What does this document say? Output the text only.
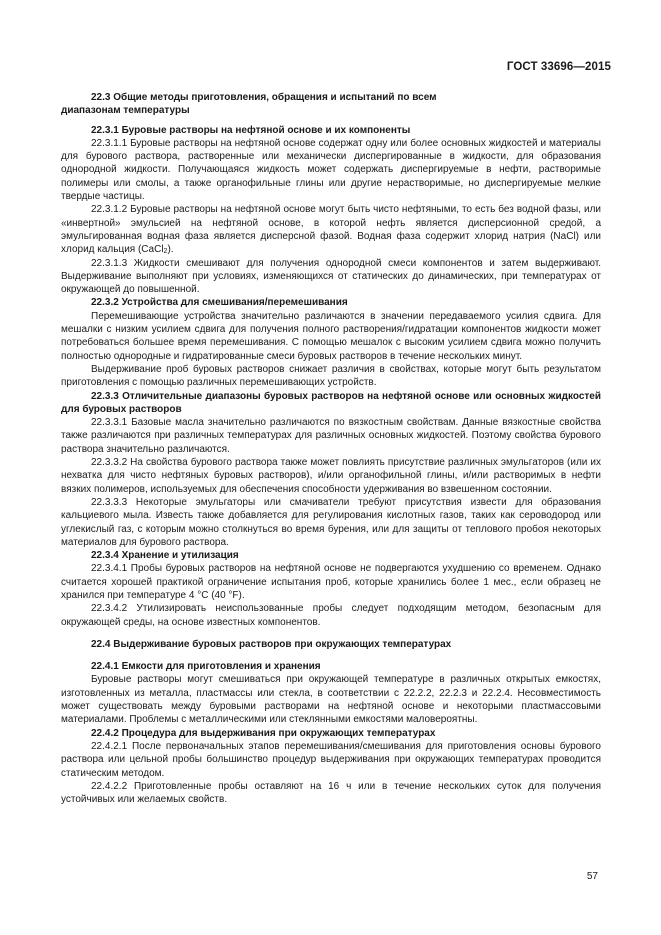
ГОСТ 33696—2015

22.3 Общие методы приготовления, обращения и испытаний по всем
диапазонам температуры

22.3.1 Буровые растворы на нефтяной основе и их компоненты

22.3.1.1 Буровые растворы на нефтяной основе содержат одну или более основных жидкостей и материалы для бурового раствора, растворенные или механически диспергированные в жидкости, для образования однородной жидкости. Получающаяся жидкость может содержать диспергируемые в нефти, растворимые полимеры или смолы, а также органофильные глины или другие нерастворимые, но диспергируемые мелкие твердые частицы.

22.3.1.2 Буровые растворы на нефтяной основе могут быть чисто нефтяными, то есть без водной фазы, или «инвертной» эмульсией на нефтяной основе, в которой нефть является дисперсионной средой, а эмульгированная водная фаза является дисперсной фазой. Водная фаза содержит хлорид натрия (NaCl) или хлорид кальция (CaCl$_2$).

22.3.1.3 Жидкости смешивают для получения однородной смеси компонентов и затем выдерживают. Выдерживание выполняют при условиях, изменяющихся от статических до динамических, при температурах от окружающей до повышенной.

22.3.2 Устройства для смешивания/перемешивания

Перемешивающие устройства значительно различаются в значении передаваемого усилия сдвига. Для мешалки с низким усилием сдвига для получения полного растворения/гидратации компонентов жидкости может потребоваться большее время перемешивания. С помощью мешалок с высоким усилием сдвига можно получить полностью однородные и гидратированные смеси буровых растворов в течение нескольких минут.

Выдерживание проб буровых растворов снижает различия в свойствах, которые могут быть результатом приготовления с помощью различных перемешивающих устройств.

22.3.3 Отличительные диапазоны буровых растворов на нефтяной основе или основных жидкостей для буровых растворов

22.3.3.1 Базовые масла значительно различаются по вязкостным свойствам. Данные вязкостные свойства также различаются при различных температурах для различных основных жидкостей. Поэтому свойства бурового раствора значительно различаются.

22.3.3.2 На свойства бурового раствора также может повлиять присутствие различных эмульгаторов (или их нехватка для чисто нефтяных буровых растворов), и/или органофильной глины, и/или растворимых в нефти вязких полимеров, используемых для обеспечения способности удерживания во взвешенном состоянии.

22.3.3.3 Некоторые эмульгаторы или смачиватели требуют присутствия извести для образования кальциевого мыла. Известь также добавляется для регулирования кислотных газов, таких как сероводород или углекислый газ, с которым можно столкнуться во время бурения, или для защиты от теплового пробоя некоторых материалов для бурового раствора.

22.3.4 Хранение и утилизация

22.3.4.1 Пробы буровых растворов на нефтяной основе не подвергаются ухудшению со временем. Однако считается хорошей практикой ограничение испытания проб, которые хранились более 1 мес., если образец не хранился при температуре 4 °С (40 °F).

22.3.4.2 Утилизировать неиспользованные пробы следует подходящим методом, безопасным для окружающей среды, на основе известных компонентов.

22.4 Выдерживание буровых растворов при окружающих температурах

22.4.1 Емкости для приготовления и хранения

Буровые растворы могут смешиваться при окружающей температуре в различных открытых емкостях, изготовленных из металла, пластмассы или стекла, в соответствии с 22.2.2, 22.2.3 и 22.2.4. Несовместимость может существовать между буровыми растворами на нефтяной основе и некоторыми пластмассовыми материалами. Проблемы с металлическими или стеклянными емкостями маловероятны.

22.4.2 Процедура для выдерживания при окружающих температурах

22.4.2.1 После первоначальных этапов перемешивания/смешивания для приготовления основы бурового раствора или цельной пробы большинство процедур выдерживания при окружающих температурах проводится статическим методом.

22.4.2.2 Приготовленные пробы оставляют на 16 ч или в течение нескольких суток для получения устойчивых или желаемых свойств.

57
